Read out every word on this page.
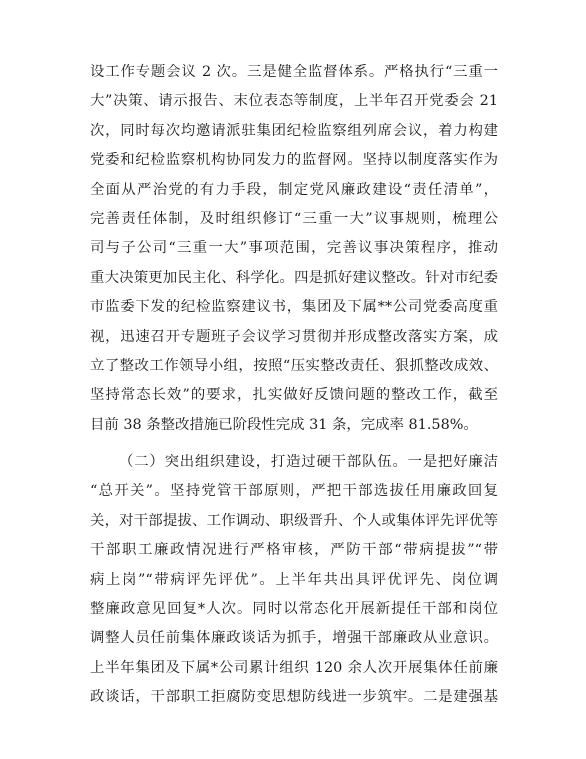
设工作专题会议 2 次。三是健全监督体系。严格执行“三重一
大”决策、请示报告、末位表态等制度，上半年召开党委会 21
次，同时每次均邀请派驻集团纪检监察组列席会议，着力构建
党委和纪检监察机构协同发力的监督网。坚持以制度落实作为
全面从严治党的有力手段，制定党风廉政建设“责任清单”，
完善责任体制，及时组织修订“三重一大”议事规则，梳理公
司与子公司“三重一大”事项范围，完善议事决策程序，推动
重大决策更加民主化、科学化。四是抓好建议整改。针对市纪委
市监委下发的纪检监察建议书，集团及下属**公司党委高度重
视，迅速召开专题班子会议学习贯彻并形成整改落实方案，成
立了整改工作领导小组，按照“压实整改责任、狠抓整改成效、
坚持常态长效”的要求，扎实做好反馈问题的整改工作，截至
目前 38 条整改措施已阶段性完成 31 条，完成率 81.58%。
（二）突出组织建设，打造过硬干部队伍。一是把好廉洁
“总开关”。坚持党管干部原则，严把干部选拔任用廉政回复
关，对干部提拔、工作调动、职级晋升、个人或集体评先评优等
干部职工廉政情况进行严格审核，严防干部“带病提拔”“带
病上岗”“带病评先评优”。上半年共出具评优评先、岗位调
整廉政意见回复*人次。同时以常态化开展新提任干部和岗位
调整人员任前集体廉政谈话为抓手，增强干部廉政从业意识。
上半年集团及下属*公司累计组织 120 余人次开展集体任前廉
政谈话，干部职工拒腐防变思想防线进一步筑牢。二是建强基
